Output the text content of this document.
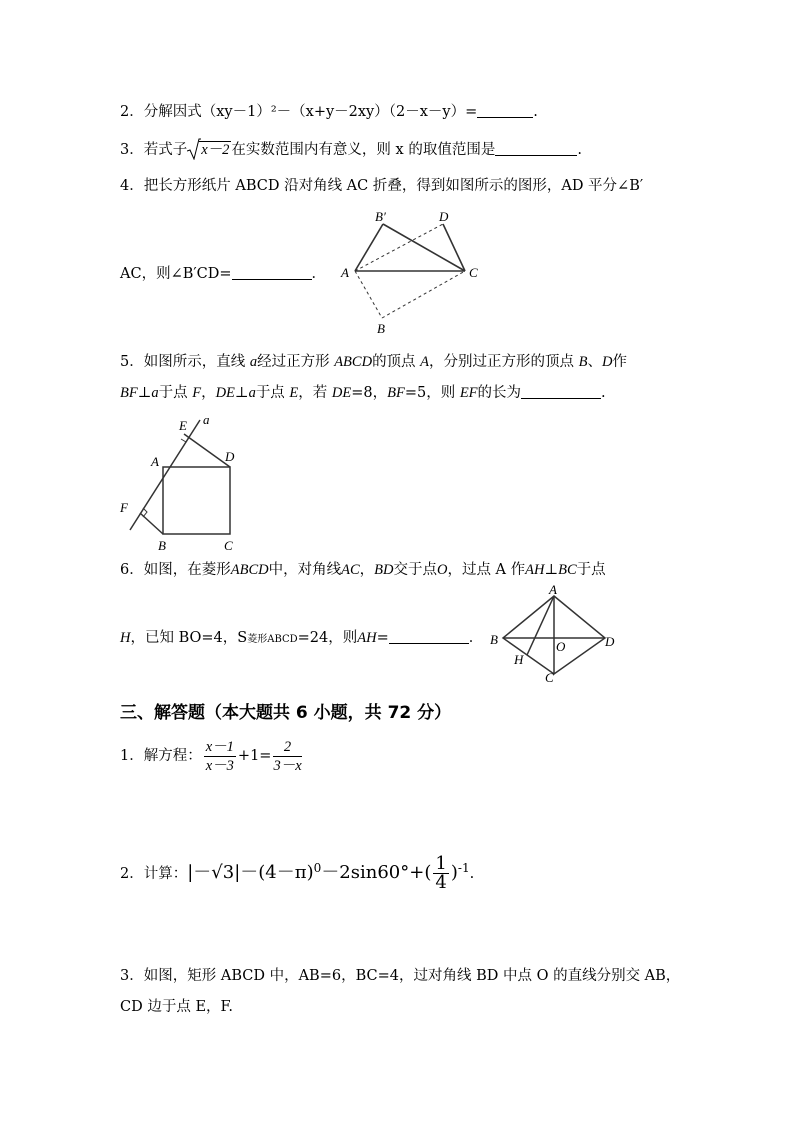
2．分解因式（xy－1）²－（x+y－2xy）（2－x－y）=	.
3．若式子 x－2 在实数范围内有意义，则 x 的取值范围是	.
4．把长方形纸片 ABCD 沿对角线 AC 折叠，得到如图所示的图形，AD 平分∠B′
AC，则∠B′CD=	．
B′	D
A	C
B
5．如图所示，直线 a经过正方形 ABCD的顶点 A，分别过正方形的顶点 B、D作
BF⊥a于点 F，DE⊥a于点 E，若 DE=8，BF=5，则 EF的长为	.
E a
A	D
F
B	C
6．如图，在菱形ABCD中，对角线AC，BD交于点O，过点 A 作AH⊥BC于点
H，已知 BO=4，S菱形ABCD=24，则AH=	．
A
B	O	D
H
C
三、解答题（本大题共 6 小题，共 72 分）
1．解方程： $\frac{x-1}{x-3} +1= \frac{2}{3-x}$
2．计算：$|-√3|-(4-\pi)^0-2\sin 60^\circ+( \frac{1}{4} )^{-1}$.
3．如图，矩形 ABCD 中，AB=6，BC=4，过对角线 BD 中点 O 的直线分别交 AB，
CD 边于点 E，F.
